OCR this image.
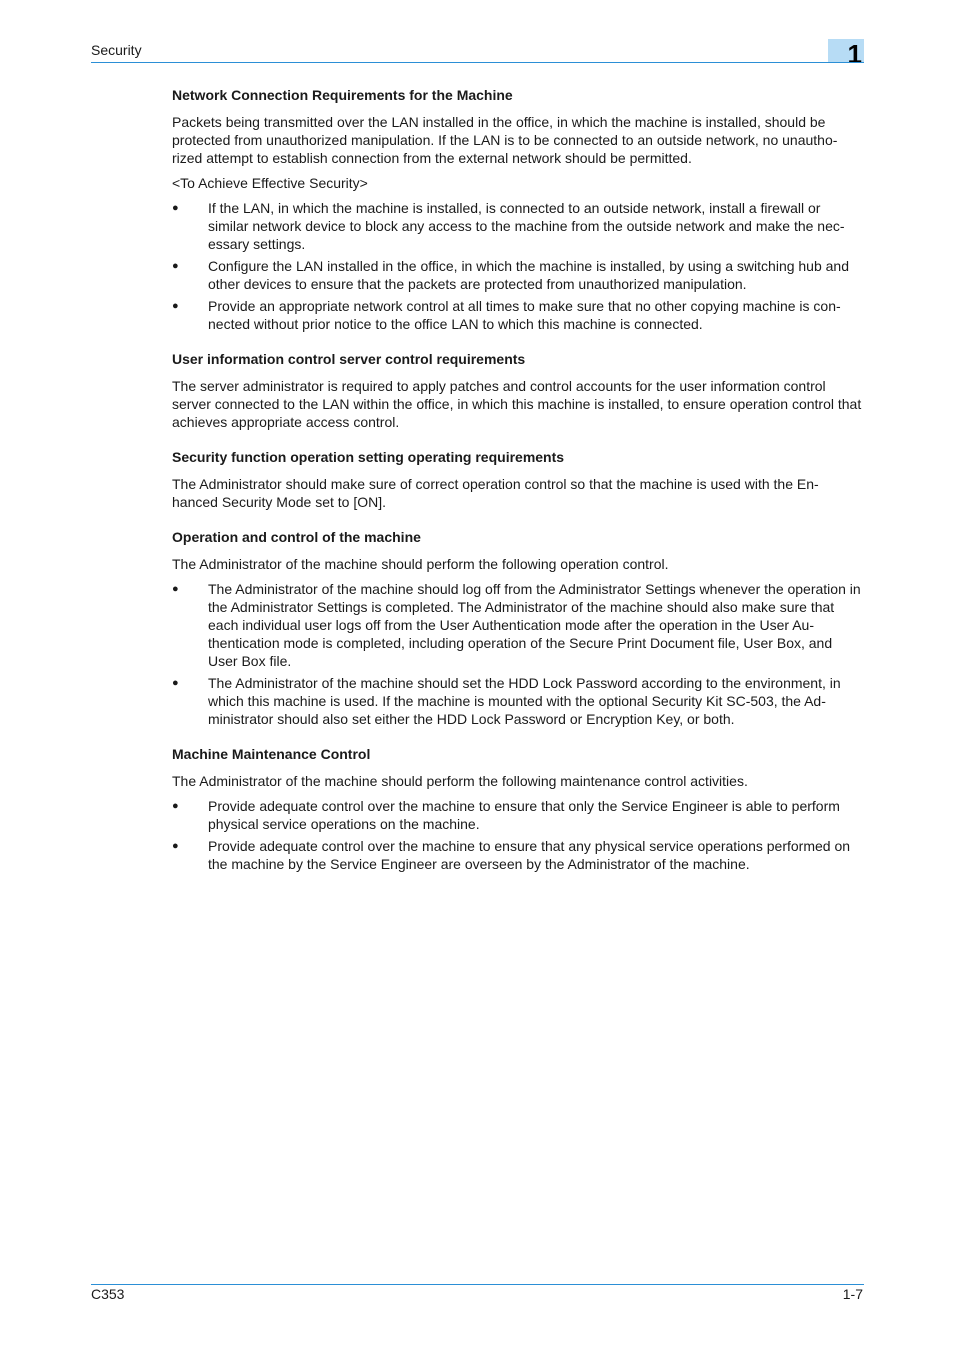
Security	1
Network Connection Requirements for the Machine

Packets being transmitted over the LAN installed in the office, in which the machine is installed, should be protected from unauthorized manipulation. If the LAN is to be connected to an outside network, no unautho-rized attempt to establish connection from the external network should be permitted.

<To Achieve Effective Security>

● If the LAN, in which the machine is installed, is connected to an outside network, install a firewall or similar network device to block any access to the machine from the outside network and make the nec-essary settings.
● Configure the LAN installed in the office, in which the machine is installed, by using a switching hub and other devices to ensure that the packets are protected from unauthorized manipulation.
● Provide an appropriate network control at all times to make sure that no other copying machine is con-nected without prior notice to the office LAN to which this machine is connected.
User information control server control requirements

The server administrator is required to apply patches and control accounts for the user information control server connected to the LAN within the office, in which this machine is installed, to ensure operation control that achieves appropriate access control.

Security function operation setting operating requirements

The Administrator should make sure of correct operation control so that the machine is used with the En-hanced Security Mode set to [ON].

Operation and control of the machine

The Administrator of the machine should perform the following operation control.

● The Administrator of the machine should log off from the Administrator Settings whenever the operation in the Administrator Settings is completed. The Administrator of the machine should also make sure that each individual user logs off from the User Authentication mode after the operation in the User Au-thentication mode is completed, including operation of the Secure Print Document file, User Box, and User Box file.
● The Administrator of the machine should set the HDD Lock Password according to the environment, in which this machine is used. If the machine is mounted with the optional Security Kit SC-503, the Ad-ministrator should also set either the HDD Lock Password or Encryption Key, or both.
Machine Maintenance Control

The Administrator of the machine should perform the following maintenance control activities.

● Provide adequate control over the machine to ensure that only the Service Engineer is able to perform physical service operations on the machine.
● Provide adequate control over the machine to ensure that any physical service operations performed on the machine by the Service Engineer are overseen by the Administrator of the machine.
C353	1-7
